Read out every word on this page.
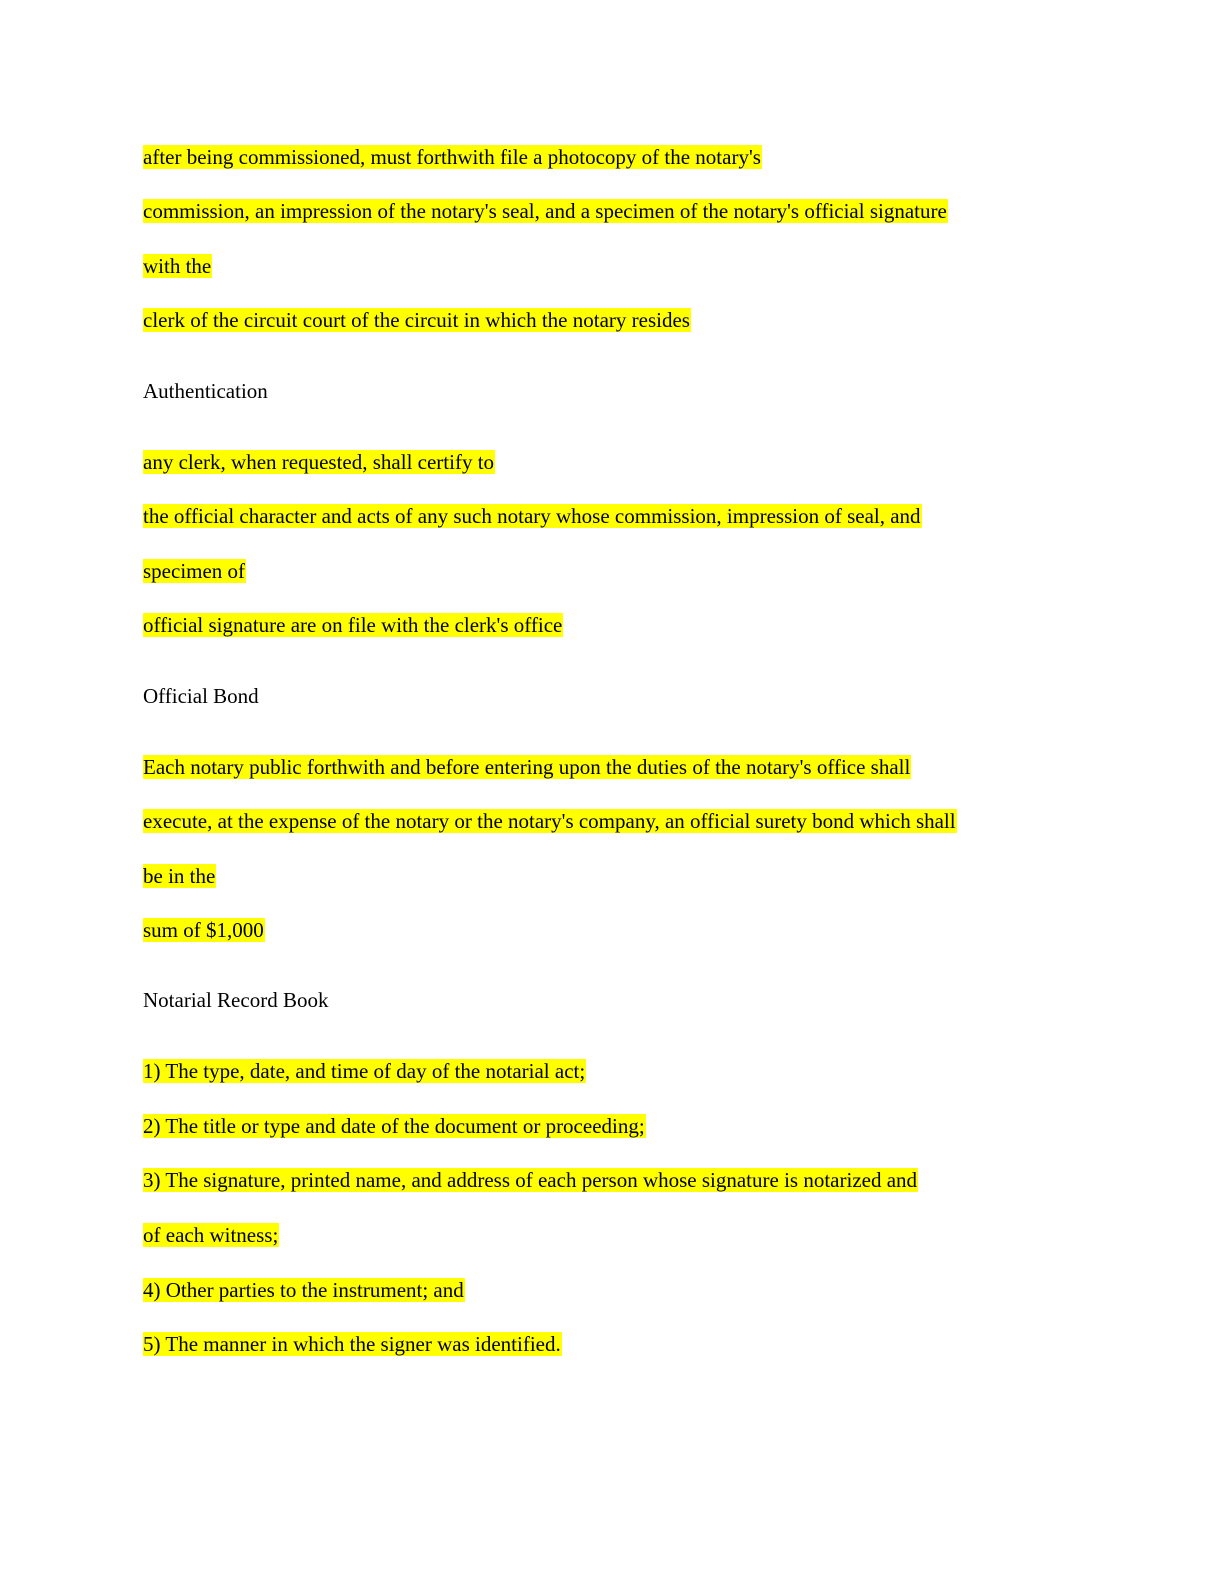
after being commissioned, must forthwith file a photocopy of the notary's
commission, an impression of the notary's seal, and a specimen of the notary's official signature
with the
clerk of the circuit court of the circuit in which the notary resides
Authentication
any clerk, when requested, shall certify to
the official character and acts of any such notary whose commission, impression of seal, and
specimen of
official signature are on file with the clerk's office
Official Bond
Each notary public forthwith and before entering upon the duties of the notary's office shall
execute, at the expense of the notary or the notary's company, an official surety bond which shall
be in the
sum of $1,000
Notarial Record Book
1) The type, date, and time of day of the notarial act;
2) The title or type and date of the document or proceeding;
3) The signature, printed name, and address of each person whose signature is notarized and
of each witness;
4) Other parties to the instrument; and
5) The manner in which the signer was identified.
